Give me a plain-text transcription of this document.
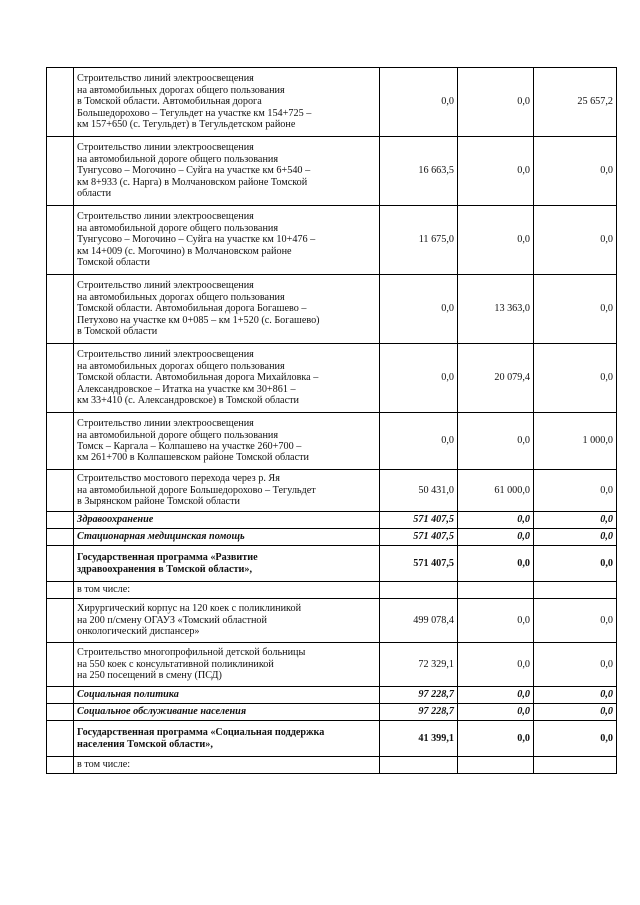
	Строительство линий электроосвещения
на автомобильных дорогах общего пользования
в Томской области. Автомобильная дорога
Большедорохово – Тегульдет на участке км 154+725 –
км 157+650 (с. Тегульдет) в Тегульдетском районе	0,0	0,0	25 657,2
	Строительство линии электроосвещения
на автомобильной дороге общего пользования
Тунгусово – Могочино – Суйга на участке км 6+540 –
км 8+933 (с. Нарга) в Молчановском районе Томской
области	16 663,5	0,0	0,0
	Строительство линии электроосвещения
на автомобильной дороге общего пользования
Тунгусово – Могочино – Суйга на участке км 10+476 –
км 14+009 (с. Могочино) в Молчановском районе
Томской области	11 675,0	0,0	0,0
	Строительство линий электроосвещения
на автомобильных дорогах общего пользования
Томской области. Автомобильная дорога Богашево –
Петухово на участке км 0+085 – км 1+520 (с. Богашево)
в Томской области	0,0	13 363,0	0,0
	Строительство линий электроосвещения
на автомобильных дорогах общего пользования
Томской области. Автомобильная дорога Михайловка –
Александровское – Итатка на участке км 30+861 –
км 33+410 (с. Александровское) в Томской области	0,0	20 079,4	0,0
	Строительство линии электроосвещения
на автомобильной дороге общего пользования
Томск – Каргала – Колпашево на участке 260+700 –
км 261+700 в Колпашевском районе Томской области	0,0	0,0	1 000,0
	Строительство мостового перехода через р. Яя
на автомобильной дороге Большедорохово – Тегульдет
в Зырянском районе Томской области	50 431,0	61 000,0	0,0
	Здравоохранение	571 407,5	0,0	0,0
	Стационарная медицинская помощь	571 407,5	0,0	0,0
	Государственная программа «Развитие
здравоохранения в Томской области»,	571 407,5	0,0	0,0
	в том числе:			
	Хирургический корпус на 120 коек с поликлиникой
на 200 п/смену ОГАУЗ «Томский областной
онкологический диспансер»	499 078,4	0,0	0,0
	Строительство многопрофильной детской больницы
на 550 коек с консультативной поликлиникой
на 250 посещений в смену (ПСД)	72 329,1	0,0	0,0
	Социальная политика	97 228,7	0,0	0,0
	Социальное обслуживание населения	97 228,7	0,0	0,0
	Государственная программа «Социальная поддержка
населения Томской области»,	41 399,1	0,0	0,0
	в том числе:			
